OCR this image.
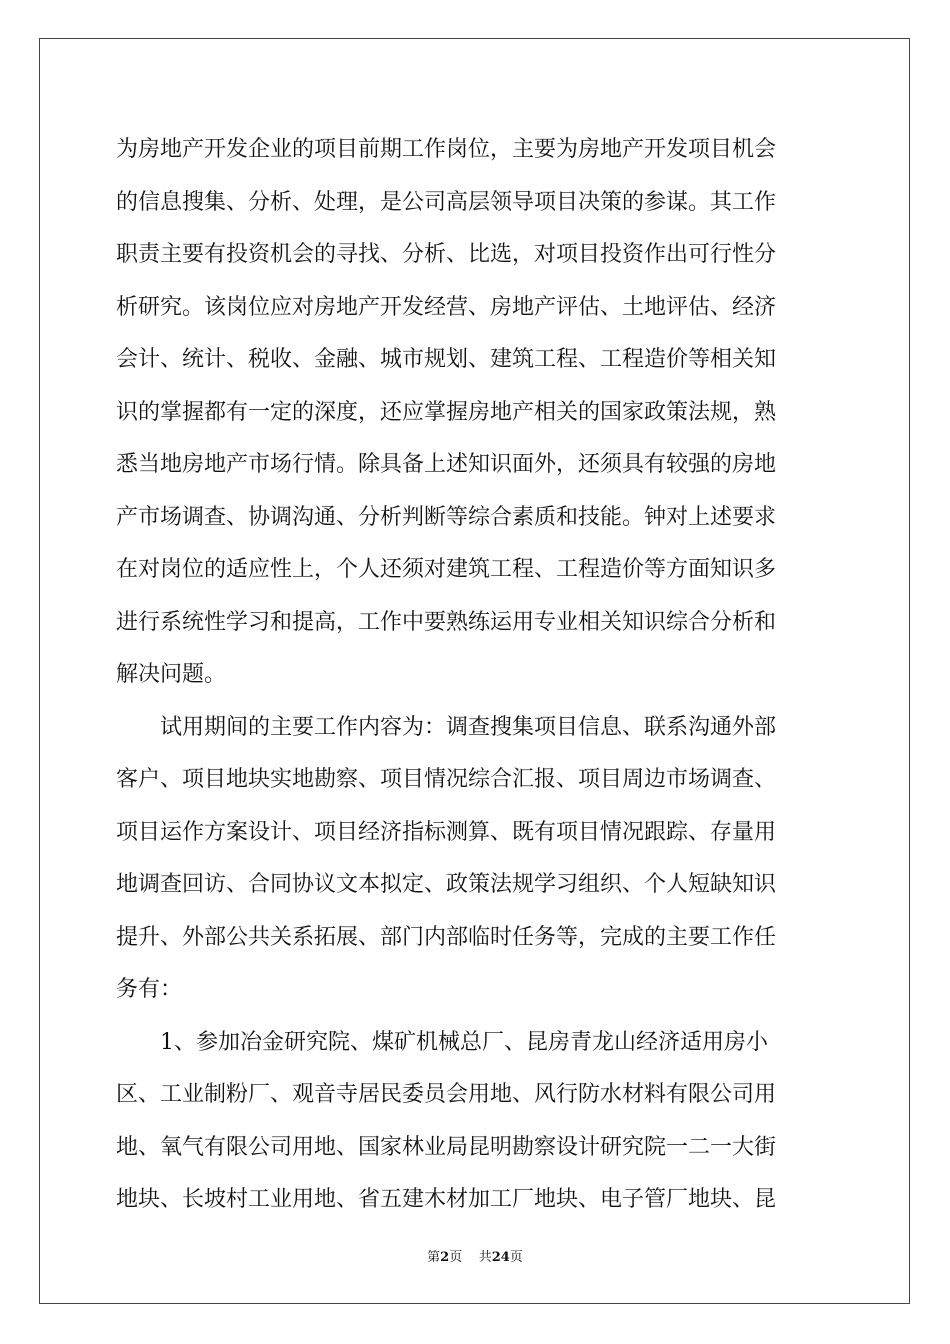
为房地产开发企业的项目前期工作岗位，主要为房地产开发项目机会
的信息搜集、分析、处理，是公司高层领导项目决策的参谋。其工作
职责主要有投资机会的寻找、分析、比选，对项目投资作出可行性分
析研究。该岗位应对房地产开发经营、房地产评估、土地评估、经济
会计、统计、税收、金融、城市规划、建筑工程、工程造价等相关知
识的掌握都有一定的深度，还应掌握房地产相关的国家政策法规，熟
悉当地房地产市场行情。除具备上述知识面外，还须具有较强的房地
产市场调查、协调沟通、分析判断等综合素质和技能。钟对上述要求
在对岗位的适应性上，个人还须对建筑工程、工程造价等方面知识多
进行系统性学习和提高，工作中要熟练运用专业相关知识综合分析和
解决问题。
　　试用期间的主要工作内容为：调查搜集项目信息、联系沟通外部
客户、项目地块实地勘察、项目情况综合汇报、项目周边市场调查、
项目运作方案设计、项目经济指标测算、既有项目情况跟踪、存量用
地调查回访、合同协议文本拟定、政策法规学习组织、个人短缺知识
提升、外部公共关系拓展、部门内部临时任务等，完成的主要工作任
务有：
　　1、参加冶金研究院、煤矿机械总厂、昆房青龙山经济适用房小
区、工业制粉厂、观音寺居民委员会用地、风行防水材料有限公司用
地、氧气有限公司用地、国家林业局昆明勘察设计研究院一二一大街
地块、长坡村工业用地、省五建木材加工厂地块、电子管厂地块、昆
第2页 共24页
